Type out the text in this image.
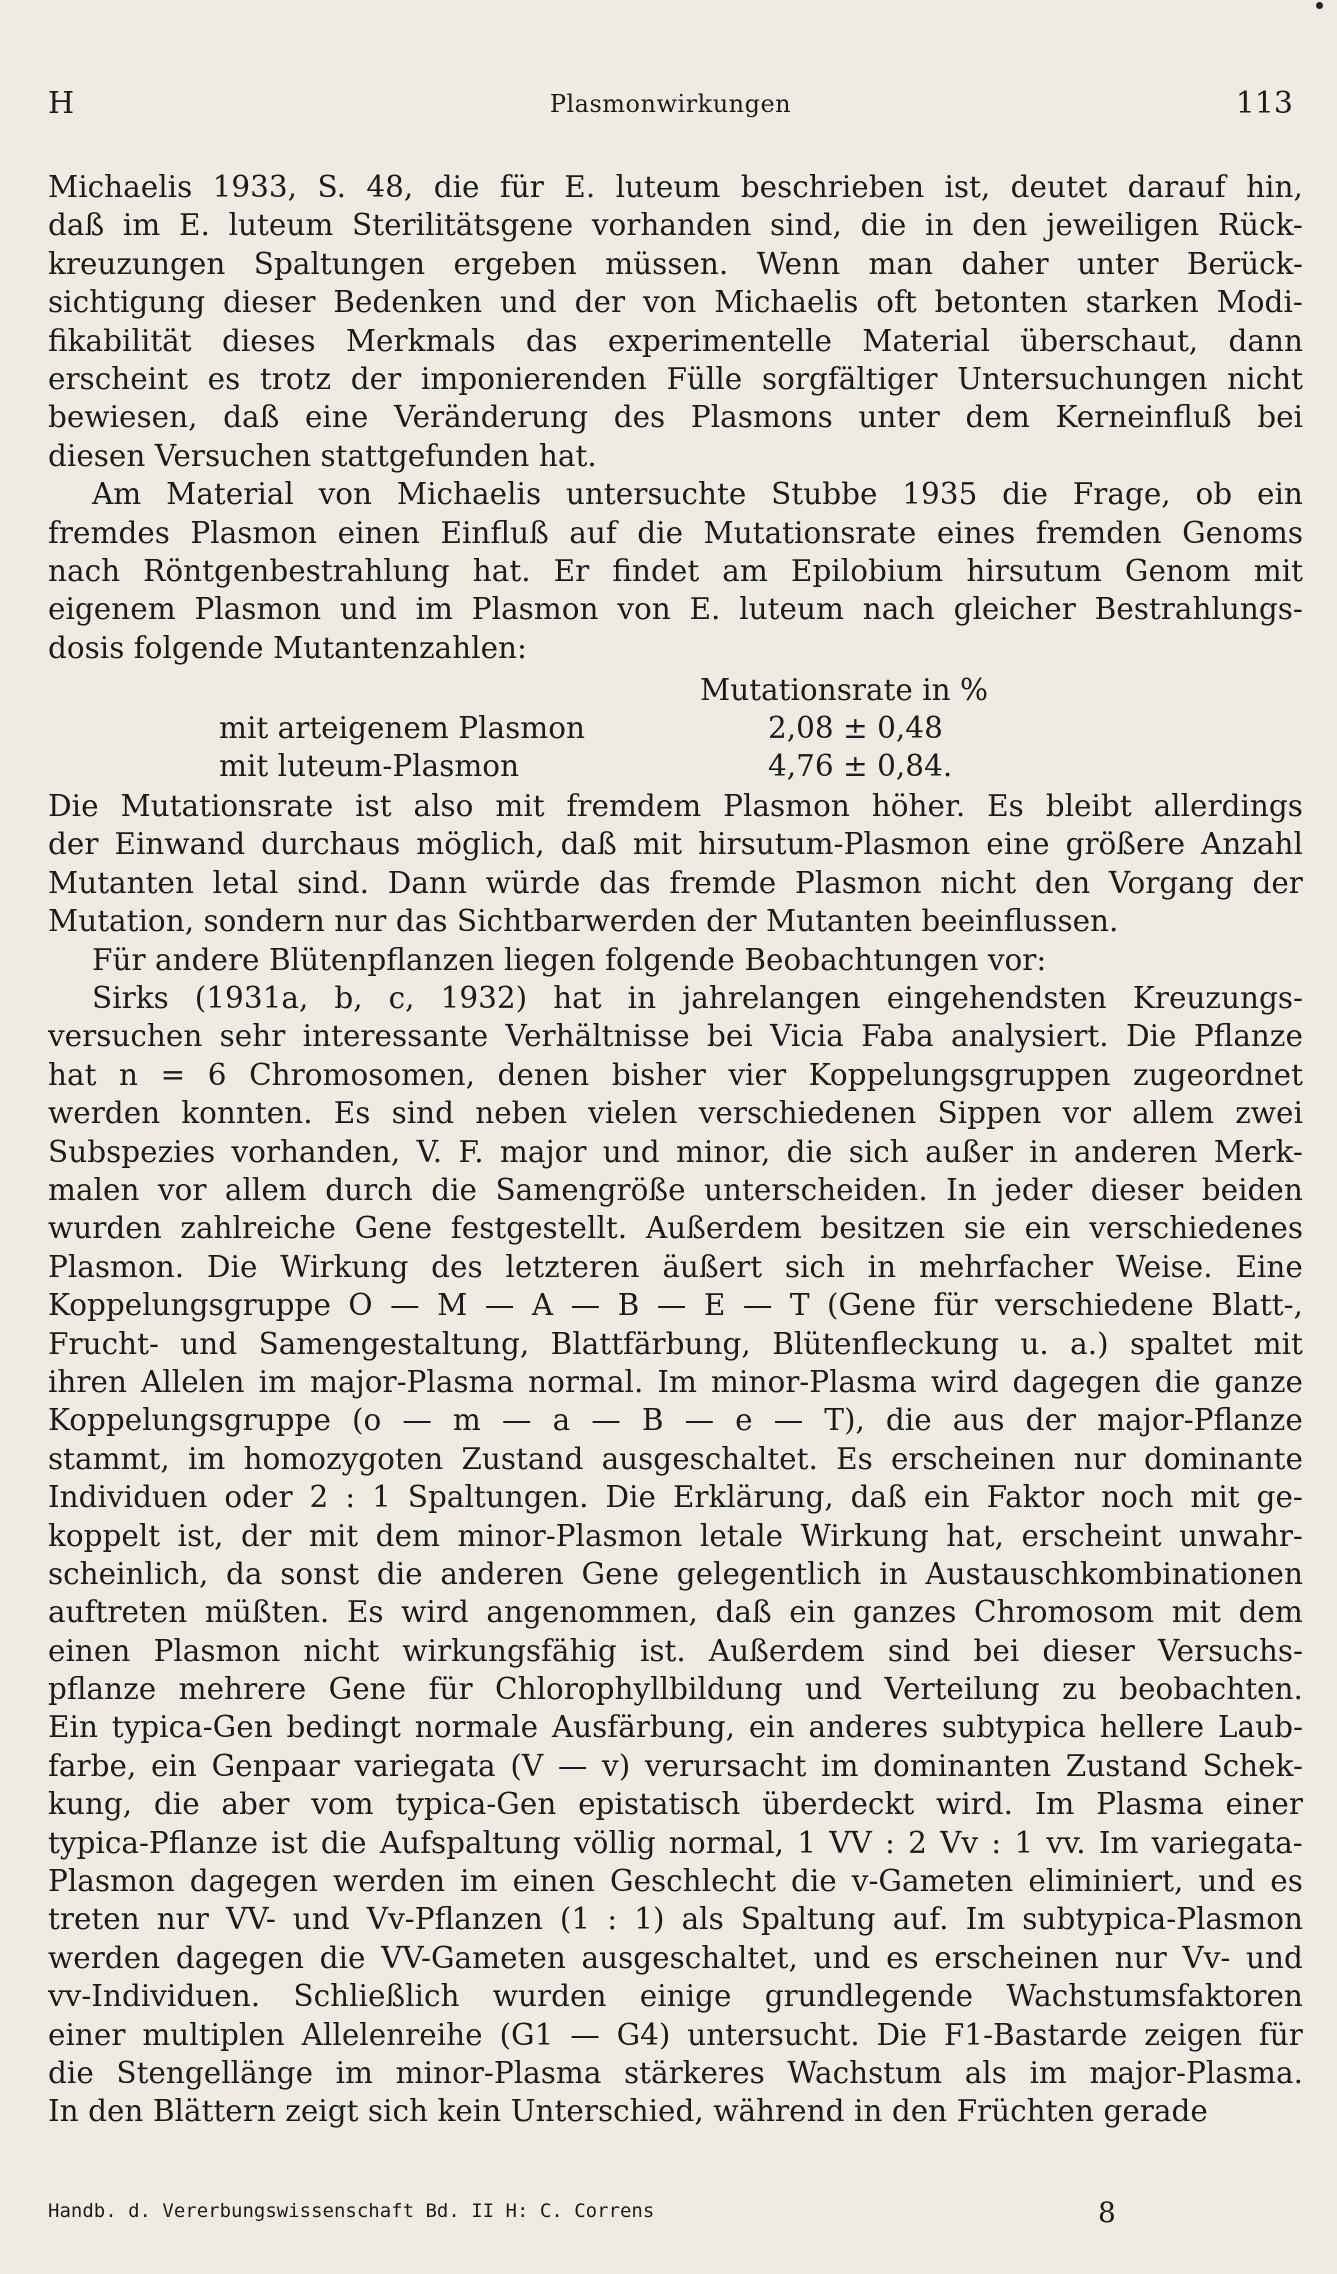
H	Plasmonwirkungen	113
Michaelis 1933, S. 48, die für E. luteum beschrieben ist, deutet darauf hin,
daß im E. luteum Sterilitätsgene vorhanden sind, die in den jeweiligen Rück-
kreuzungen Spaltungen ergeben müssen. Wenn man daher unter Berück-
sichtigung dieser Bedenken und der von Michaelis oft betonten starken Modi-
fikabilität dieses Merkmals das experimentelle Material überschaut, dann
erscheint es trotz der imponierenden Fülle sorgfältiger Untersuchungen nicht
bewiesen, daß eine Veränderung des Plasmons unter dem Kerneinfluß bei
diesen Versuchen stattgefunden hat.
Am Material von Michaelis untersuchte Stubbe 1935 die Frage, ob ein
fremdes Plasmon einen Einfluß auf die Mutationsrate eines fremden Genoms
nach Röntgenbestrahlung hat. Er findet am Epilobium hirsutum Genom mit
eigenem Plasmon und im Plasmon von E. luteum nach gleicher Bestrahlungs-
dosis folgende Mutantenzahlen:
Mutationsrate in %
mit arteigenem Plasmon	2,08 ± 0,48
mit luteum-Plasmon	4,76 ± 0,84.
Die Mutationsrate ist also mit fremdem Plasmon höher. Es bleibt allerdings
der Einwand durchaus möglich, daß mit hirsutum-Plasmon eine größere Anzahl
Mutanten letal sind. Dann würde das fremde Plasmon nicht den Vorgang der
Mutation, sondern nur das Sichtbarwerden der Mutanten beeinflussen.
Für andere Blütenpflanzen liegen folgende Beobachtungen vor:
Sirks (1931a, b, c, 1932) hat in jahrelangen eingehendsten Kreuzungs-
versuchen sehr interessante Verhältnisse bei Vicia Faba analysiert. Die Pflanze
hat n = 6 Chromosomen, denen bisher vier Koppelungsgruppen zugeordnet
werden konnten. Es sind neben vielen verschiedenen Sippen vor allem zwei
Subspezies vorhanden, V. F. major und minor, die sich außer in anderen Merk-
malen vor allem durch die Samengröße unterscheiden. In jeder dieser beiden
wurden zahlreiche Gene festgestellt. Außerdem besitzen sie ein verschiedenes
Plasmon. Die Wirkung des letzteren äußert sich in mehrfacher Weise. Eine
Koppelungsgruppe O — M — A — B — E — T (Gene für verschiedene Blatt-,
Frucht- und Samengestaltung, Blattfärbung, Blütenfleckung u. a.) spaltet mit
ihren Allelen im major-Plasma normal. Im minor-Plasma wird dagegen die ganze
Koppelungsgruppe (o — m — a — B — e — T), die aus der major-Pflanze
stammt, im homozygoten Zustand ausgeschaltet. Es erscheinen nur dominante
Individuen oder 2 : 1 Spaltungen. Die Erklärung, daß ein Faktor noch mit ge-
koppelt ist, der mit dem minor-Plasmon letale Wirkung hat, erscheint unwahr-
scheinlich, da sonst die anderen Gene gelegentlich in Austauschkombinationen
auftreten müßten. Es wird angenommen, daß ein ganzes Chromosom mit dem
einen Plasmon nicht wirkungsfähig ist. Außerdem sind bei dieser Versuchs-
pflanze mehrere Gene für Chlorophyllbildung und Verteilung zu beobachten.
Ein typica-Gen bedingt normale Ausfärbung, ein anderes subtypica hellere Laub-
farbe, ein Genpaar variegata (V — v) verursacht im dominanten Zustand Schek-
kung, die aber vom typica-Gen epistatisch überdeckt wird. Im Plasma einer
typica-Pflanze ist die Aufspaltung völlig normal, 1 VV : 2 Vv : 1 vv. Im variegata-
Plasmon dagegen werden im einen Geschlecht die v-Gameten eliminiert, und es
treten nur VV- und Vv-Pflanzen (1 : 1) als Spaltung auf. Im subtypica-Plasmon
werden dagegen die VV-Gameten ausgeschaltet, und es erscheinen nur Vv- und
vv-Individuen. Schließlich wurden einige grundlegende Wachstumsfaktoren
einer multiplen Allelenreihe (G1 — G4) untersucht. Die F1-Bastarde zeigen für
die Stengellänge im minor-Plasma stärkeres Wachstum als im major-Plasma.
In den Blättern zeigt sich kein Unterschied, während in den Früchten gerade
Handb. d. Vererbungswissenschaft Bd. II H: C. Correns	8
